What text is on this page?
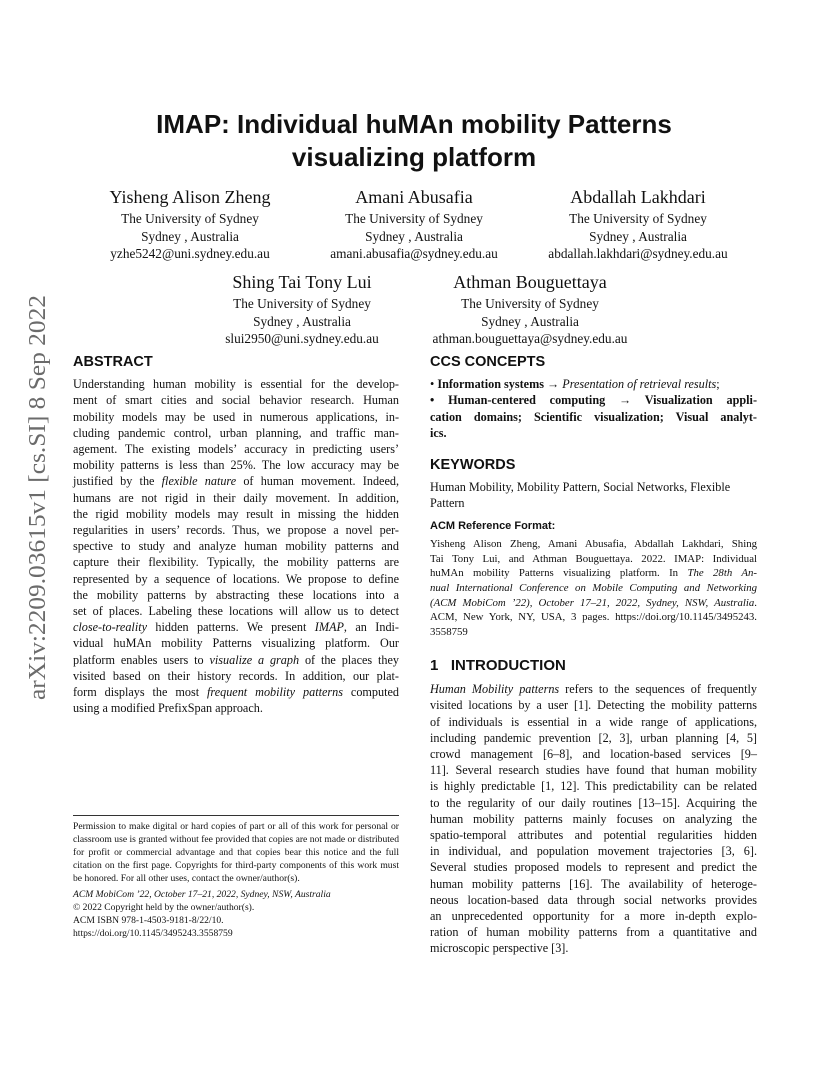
arXiv:2209.03615v1 [cs.SI] 8 Sep 2022
IMAP: Individual huMAn mobility Patterns
visualizing platform
Yisheng Alison Zheng
The University of Sydney
Sydney , Australia
yzhe5242@uni.sydney.edu.au
Amani Abusafia
The University of Sydney
Sydney , Australia
amani.abusafia@sydney.edu.au
Abdallah Lakhdari
The University of Sydney
Sydney , Australia
abdallah.lakhdari@sydney.edu.au
Shing Tai Tony Lui
The University of Sydney
Sydney , Australia
slui2950@uni.sydney.edu.au
Athman Bouguettaya
The University of Sydney
Sydney , Australia
athman.bouguettaya@sydney.edu.au
ABSTRACT
Understanding human mobility is essential for the develop-
ment of smart cities and social behavior research. Human
mobility models may be used in numerous applications, in-
cluding pandemic control, urban planning, and traffic man-
agement. The existing models’ accuracy in predicting users’
mobility patterns is less than 25%. The low accuracy may be
justified by the flexible nature of human movement. Indeed,
humans are not rigid in their daily movement. In addition,
the rigid mobility models may result in missing the hidden
regularities in users’ records. Thus, we propose a novel per-
spective to study and analyze human mobility patterns and
capture their flexibility. Typically, the mobility patterns are
represented by a sequence of locations. We propose to define
the mobility patterns by abstracting these locations into a
set of places. Labeling these locations will allow us to detect
close-to-reality hidden patterns. We present IMAP, an Indi-
vidual huMAn mobility Patterns visualizing platform. Our
platform enables users to visualize a graph of the places they
visited based on their history records. In addition, our plat-
form displays the most frequent mobility patterns computed
using a modified PrefixSpan approach.
Permission to make digital or hard copies of part or all of this work for personal or classroom use is granted without fee provided that copies are not made or distributed for profit or commercial advantage and that copies bear this notice and the full citation on the first page. Copyrights for third-party components of this work must be honored. For all other uses, contact the owner/author(s).
ACM MobiCom ’22, October 17–21, 2022, Sydney, NSW, Australia
© 2022 Copyright held by the owner/author(s).
ACM ISBN 978-1-4503-9181-8/22/10.
https://doi.org/10.1145/3495243.3558759
CCS CONCEPTS
• Information systems → Presentation of retrieval results;
• Human-centered computing → Visualization appli-
cation domains; Scientific visualization; Visual analyt-
ics.
KEYWORDS
Human Mobility, Mobility Pattern, Social Networks, Flexible
Pattern
ACM Reference Format:
Yisheng Alison Zheng, Amani Abusafia, Abdallah Lakhdari, Shing
Tai Tony Lui, and Athman Bouguettaya. 2022. IMAP: Individual
huMAn mobility Patterns visualizing platform. In The 28th An-
nual International Conference on Mobile Computing and Networking
(ACM MobiCom ’22), October 17–21, 2022, Sydney, NSW, Australia.
ACM, New York, NY, USA, 3 pages. https://doi.org/10.1145/3495243.
3558759
1 INTRODUCTION
Human Mobility patterns refers to the sequences of frequently
visited locations by a user [1]. Detecting the mobility patterns
of individuals is essential in a wide range of applications,
including pandemic prevention [2, 3], urban planning [4, 5]
crowd management [6–8], and location-based services [9–
11]. Several research studies have found that human mobility
is highly predictable [1, 12]. This predictability can be related
to the regularity of our daily routines [13–15]. Acquiring the
human mobility patterns mainly focuses on analyzing the
spatio-temporal attributes and potential regularities hidden
in individual, and population movement trajectories [3, 6].
Several studies proposed models to represent and predict the
human mobility patterns [16]. The availability of heteroge-
neous location-based data through social networks provides
an unprecedented opportunity for a more in-depth explo-
ration of human mobility patterns from a quantitative and
microscopic perspective [3].
